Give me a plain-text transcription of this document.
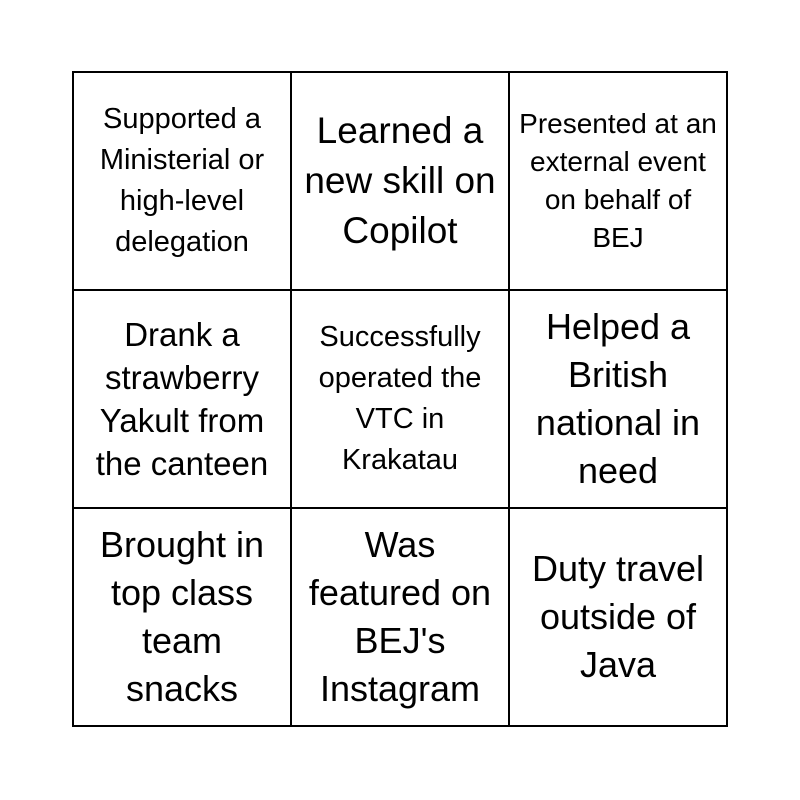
Supported a Ministerial or high-level delegation
Learned a new skill on Copilot
Presented at an external event on behalf of BEJ
Drank a strawberry Yakult from the canteen
Successfully operated the VTC in Krakatau
Helped a British national in need
Brought in top class team snacks
Was featured on BEJ's Instagram
Duty travel outside of Java
